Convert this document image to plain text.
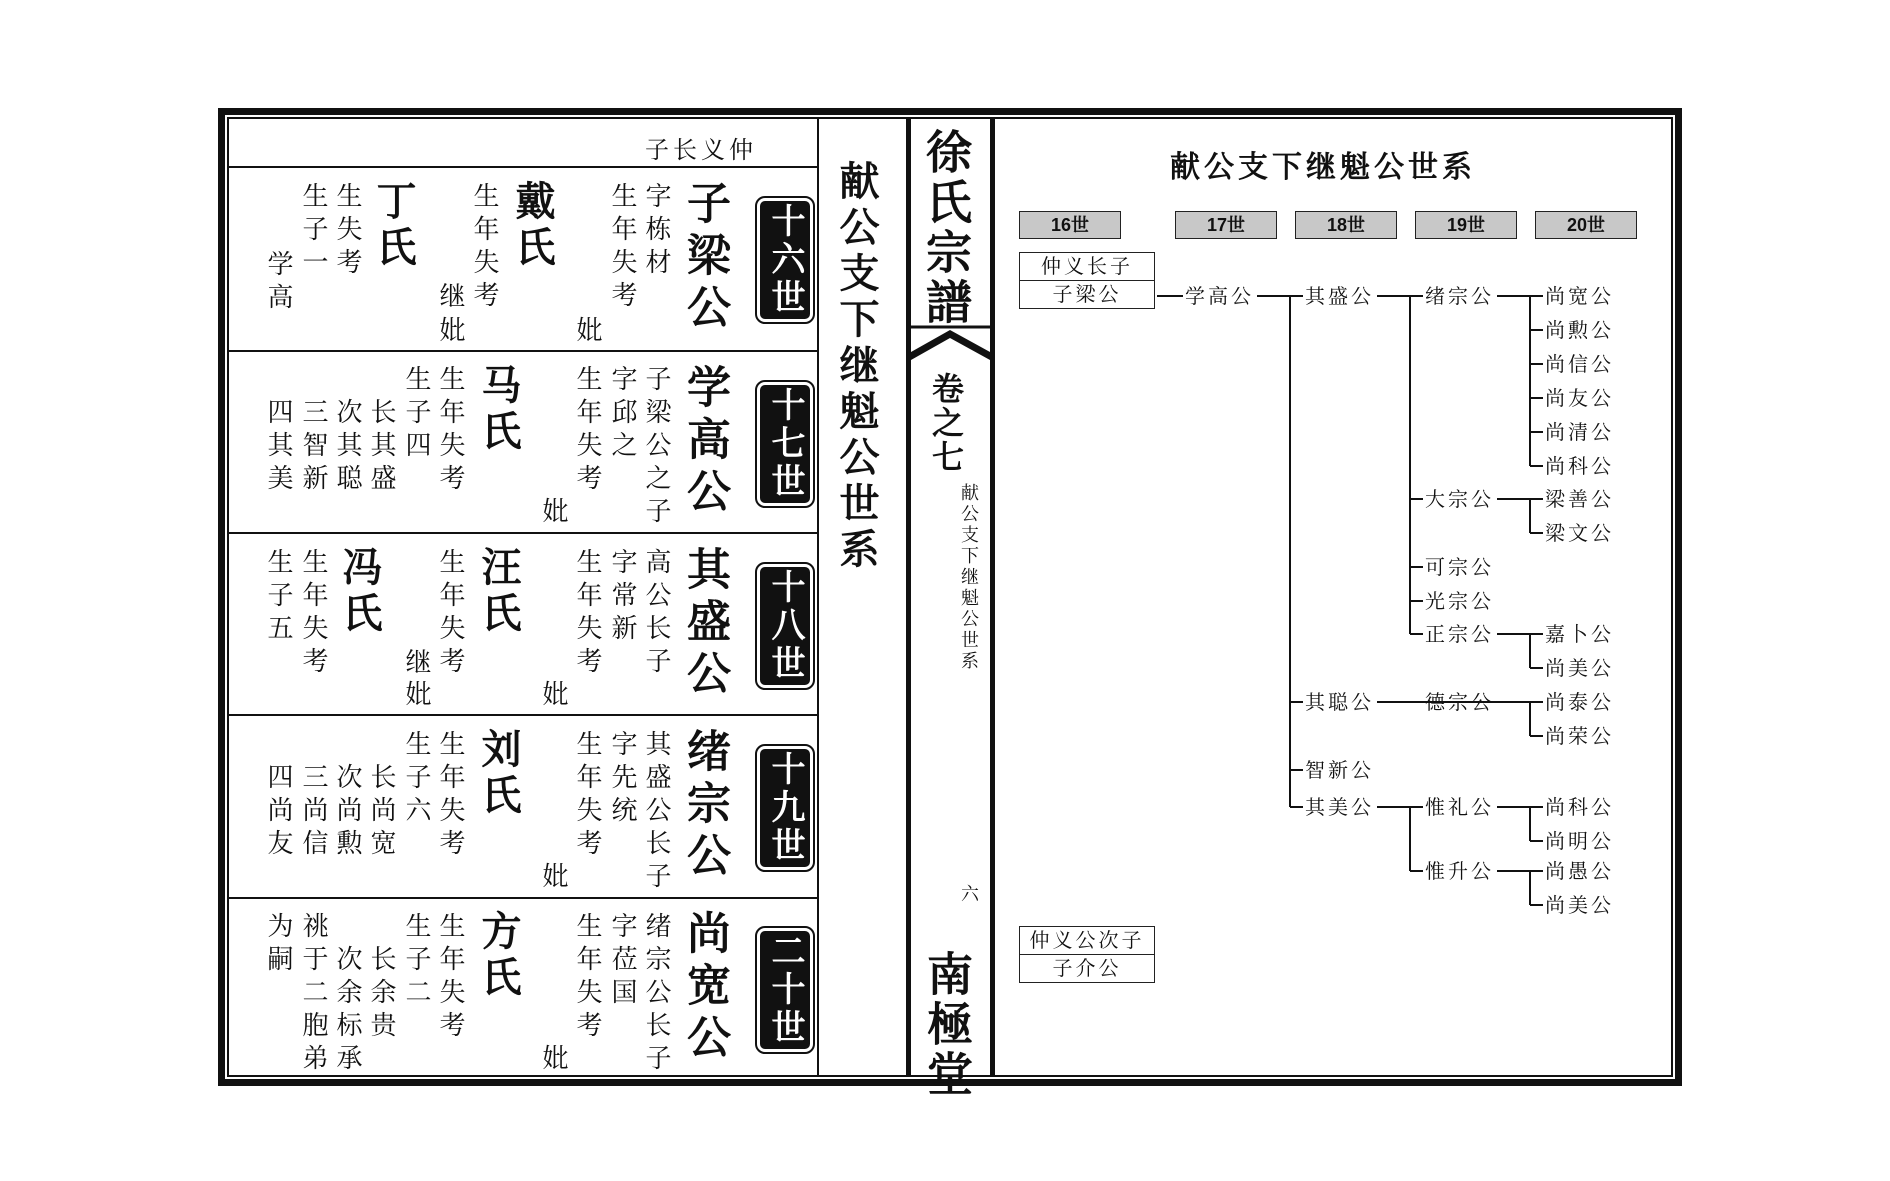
子长义仲
十六世
子梁公
字栋材
生年失考
妣
戴氏
生年失考
继
妣
丁氏
生失考
生子一
学高
十七世
学高公
子梁公之子
字邱之
生年失考
妣
马氏
生年失考
生子四
长其盛
次其聪
三智新
四其美
十八世
其盛公
高公长子
字常新
生年失考
妣
汪氏
生年失考
继
妣
冯氏
生年失考
生子五
十九世
绪宗公
其盛公长子
字先统
生年失考
妣
刘氏
生年失考
生子六
长尚宽
次尚勲
三尚信
四尚友
二十世
尚宽公
绪宗公长子
字莅国
生年失考
妣
方氏
生年失考
生子二
长余贵
次余标承
祧于二胞弟
为嗣
献公支下继魁公世系 徐氏宗譜
卷之七
献公支下继魁公世系
六
南極堂
献公支下继魁公世系
16世	17世	18世	19世	20世
仲义长子
子梁公
仲义公次子
子介公
学高公	其盛公
其聪公
智新公
其美公
绪宗公
大宗公
可宗公
光宗公
正宗公
德宗公
惟礼公
惟升公
尚宽公
尚勲公
尚信公
尚友公
尚清公
尚科公
梁善公
梁文公
嘉卜公
尚美公
尚泰公
尚荣公
尚科公
尚明公
尚愚公
尚美公
